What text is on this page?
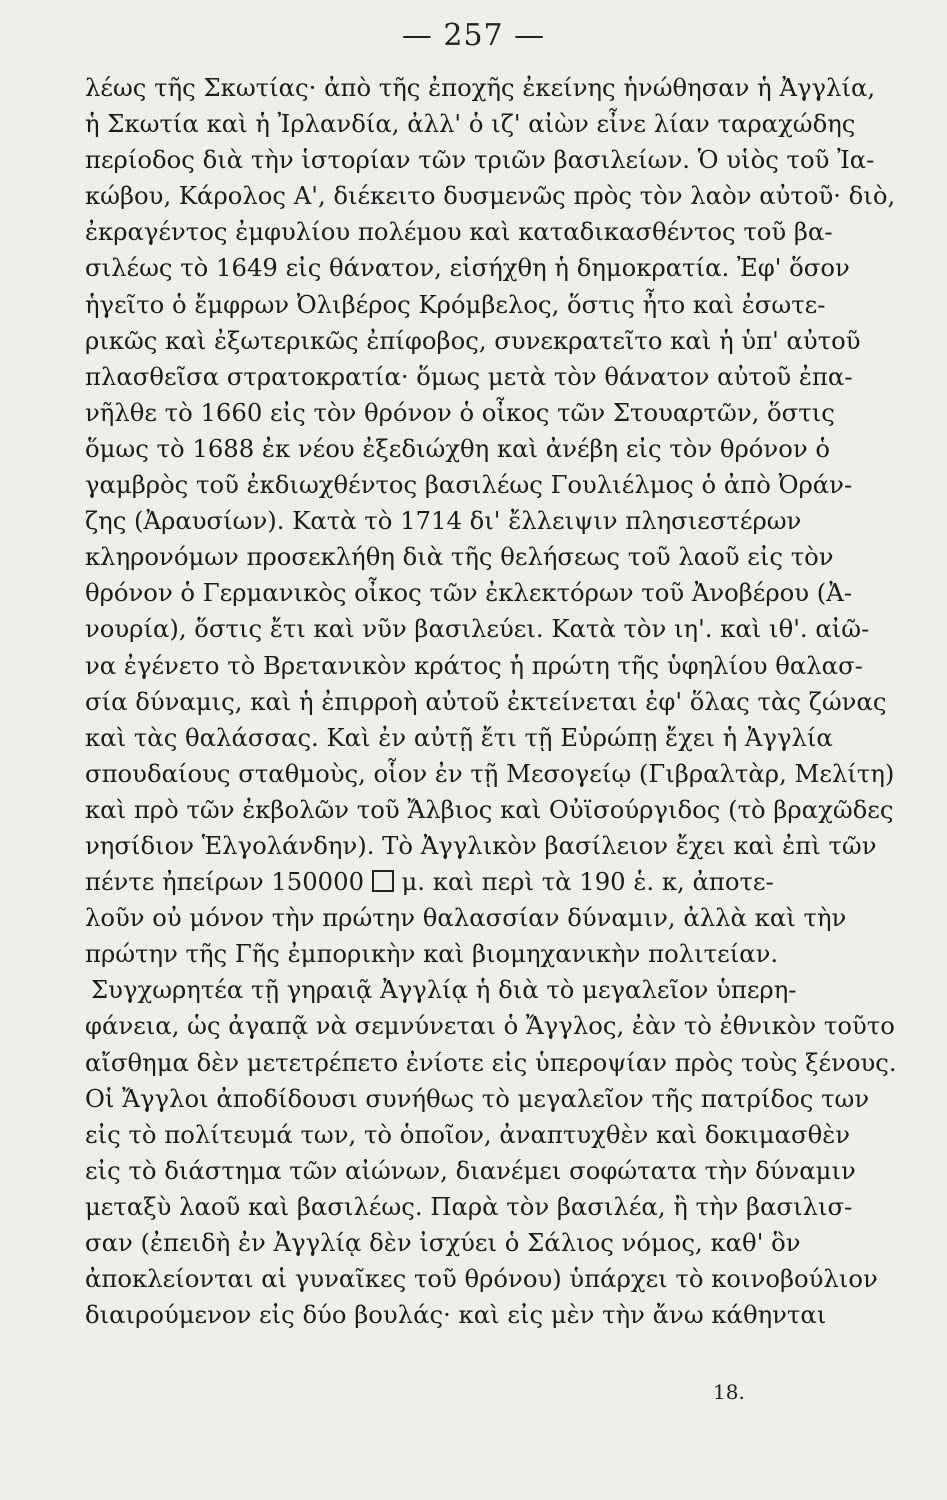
— 257 —
λέως τῆς Σκωτίας· ἀπὸ τῆς ἐποχῆς ἐκείνης ἡνώθησαν ἡ Ἀγγλία,
ἡ Σκωτία καὶ ἡ Ἰρλανδία, ἀλλ' ὁ ιζ' αἰὼν εἶνε λίαν ταραχώδης
περίοδος διὰ τὴν ἱστορίαν τῶν τριῶν βασιλείων. Ὁ υἱὸς τοῦ Ἰα-
κώβου, Κάρολος Α', διέκειτο δυσμενῶς πρὸς τὸν λαὸν αὐτοῦ· διὸ,
ἐκραγέντος ἐμφυλίου πολέμου καὶ καταδικασθέντος τοῦ βα-
σιλέως τὸ 1649 εἰς θάνατον, εἰσήχθη ἡ δημοκρατία. Ἐφ' ὅσον
ἡγεῖτο ὁ ἔμφρων Ὀλιβέρος Κρόμβελος, ὅστις ἦτο καὶ ἐσωτε-
ρικῶς καὶ ἐξωτερικῶς ἐπίφοβος, συνεκρατεῖτο καὶ ἡ ὑπ' αὐτοῦ
πλασθεῖσα στρατοκρατία· ὅμως μετὰ τὸν θάνατον αὐτοῦ ἐπα-
νῆλθε τὸ 1660 εἰς τὸν θρόνον ὁ οἶκος τῶν Στουαρτῶν, ὅστις
ὅμως τὸ 1688 ἐκ νέου ἐξεδιώχθη καὶ ἀνέβη εἰς τὸν θρόνον ὁ
γαμβρὸς τοῦ ἐκδιωχθέντος βασιλέως Γουλιέλμος ὁ ἀπὸ Ὀράν-
ζης (Ἀραυσίων). Κατὰ τὸ 1714 δι' ἔλλειψιν πλησιεστέρων
κληρονόμων προσεκλήθη διὰ τῆς θελήσεως τοῦ λαοῦ εἰς τὸν
θρόνον ὁ Γερμανικὸς οἶκος τῶν ἐκλεκτόρων τοῦ Ἀνοβέρου (Ἀ-
νουρία), ὅστις ἔτι καὶ νῦν βασιλεύει. Κατὰ τὸν ιη'. καὶ ιθ'. αἰῶ-
να ἐγένετο τὸ Βρετανικὸν κράτος ἡ πρώτη τῆς ὑφηλίου θαλασ-
σία δύναμις, καὶ ἡ ἐπιρροὴ αὐτοῦ ἐκτείνεται ἐφ' ὅλας τὰς ζώνας
καὶ τὰς θαλάσσας. Καὶ ἐν αὐτῇ ἔτι τῇ Εὐρώπῃ ἔχει ἡ Ἀγγλία
σπουδαίους σταθμοὺς, οἷον ἐν τῇ Μεσογείῳ (Γιβραλτὰρ, Μελίτη)
καὶ πρὸ τῶν ἐκβολῶν τοῦ Ἄλβιος καὶ Οὐϊσούργιδος (τὸ βραχῶδες
νησίδιον Ἑλγολάνδην). Τὸ Ἀγγλικὸν βασίλειον ἔχει καὶ ἐπὶ τῶν
πέντε ἠπείρων 150000  μ. καὶ περὶ τὰ 190 ἑ. κ, ἀποτε-
λοῦν οὐ μόνον τὴν πρώτην θαλασσίαν δύναμιν, ἀλλὰ καὶ τὴν
πρώτην τῆς Γῆς ἐμπορικὴν καὶ βιομηχανικὴν πολιτείαν.
Συγχωρητέα τῇ γηραιᾷ Ἀγγλίᾳ ἡ διὰ τὸ μεγαλεῖον ὑπερη-
φάνεια, ὡς ἀγαπᾷ νὰ σεμνύνεται ὁ Ἄγγλος, ἐὰν τὸ ἐθνικὸν τοῦτο
αἴσθημα δὲν μετετρέπετο ἐνίοτε εἰς ὑπεροψίαν πρὸς τοὺς ξένους.
Οἱ Ἄγγλοι ἀποδίδουσι συνήθως τὸ μεγαλεῖον τῆς πατρίδος των
εἰς τὸ πολίτευμά των, τὸ ὁποῖον, ἀναπτυχθὲν καὶ δοκιμασθὲν
εἰς τὸ διάστημα τῶν αἰώνων, διανέμει σοφώτατα τὴν δύναμιν
μεταξὺ λαοῦ καὶ βασιλέως. Παρὰ τὸν βασιλέα, ἢ τὴν βασιλισ-
σαν (ἐπειδὴ ἐν Ἀγγλίᾳ δὲν ἰσχύει ὁ Σάλιος νόμος, καθ' ὃν
ἀποκλείονται αἱ γυναῖκες τοῦ θρόνου) ὑπάρχει τὸ κοινοβούλιον
διαιρούμενον εἰς δύο βουλάς· καὶ εἰς μὲν τὴν ἄνω κάθηνται
18.
